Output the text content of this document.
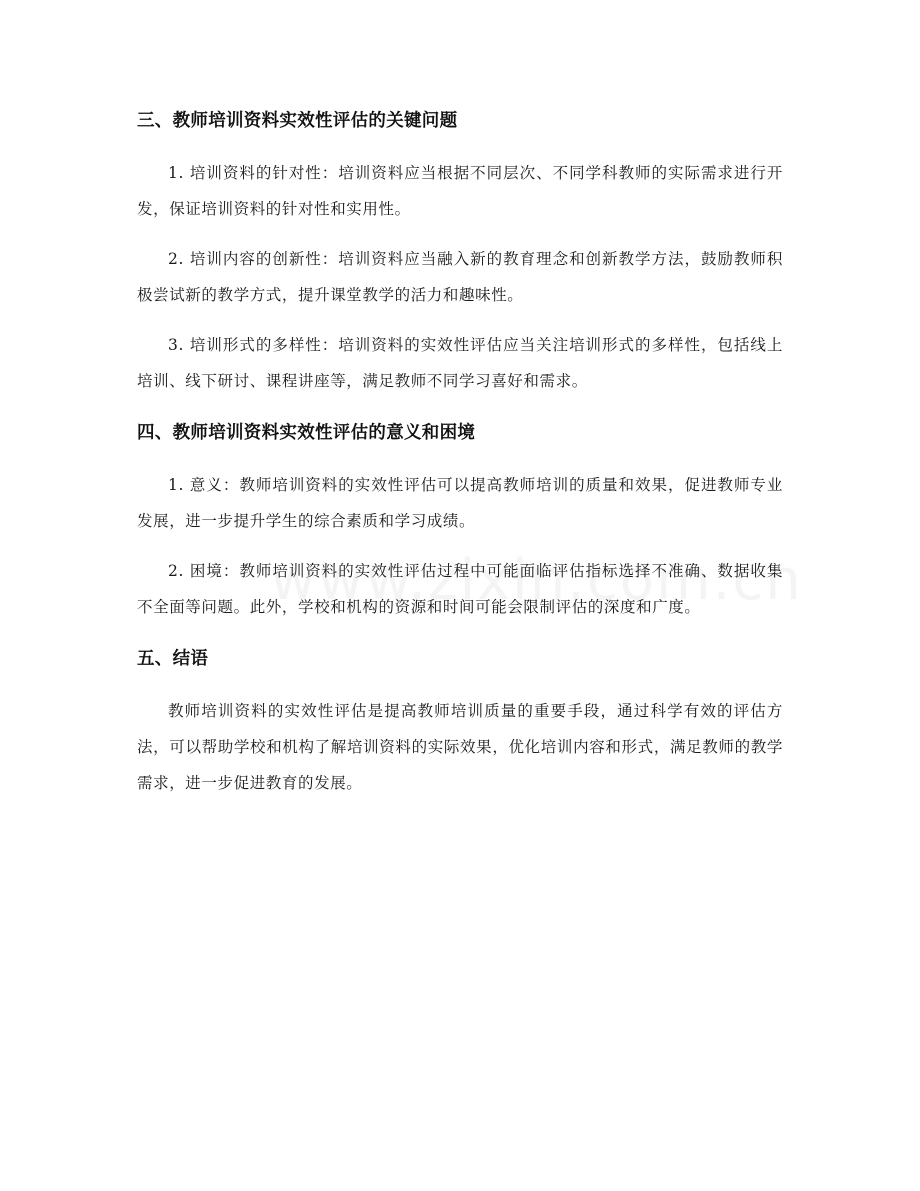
三、教师培训资料实效性评估的关键问题

1. 培训资料的针对性：培训资料应当根据不同层次、不同学科教师的实际需求进行开发，保证培训资料的针对性和实用性。

2. 培训内容的创新性：培训资料应当融入新的教育理念和创新教学方法，鼓励教师积极尝试新的教学方式，提升课堂教学的活力和趣味性。

3. 培训形式的多样性：培训资料的实效性评估应当关注培训形式的多样性，包括线上培训、线下研讨、课程讲座等，满足教师不同学习喜好和需求。

四、教师培训资料实效性评估的意义和困境

1. 意义：教师培训资料的实效性评估可以提高教师培训的质量和效果，促进教师专业发展，进一步提升学生的综合素质和学习成绩。

2. 困境：教师培训资料的实效性评估过程中可能面临评估指标选择不准确、数据收集不全面等问题。此外，学校和机构的资源和时间可能会限制评估的深度和广度。

五、结语

教师培训资料的实效性评估是提高教师培训质量的重要手段，通过科学有效的评估方法，可以帮助学校和机构了解培训资料的实际效果，优化培训内容和形式，满足教师的教学需求，进一步促进教育的发展。
